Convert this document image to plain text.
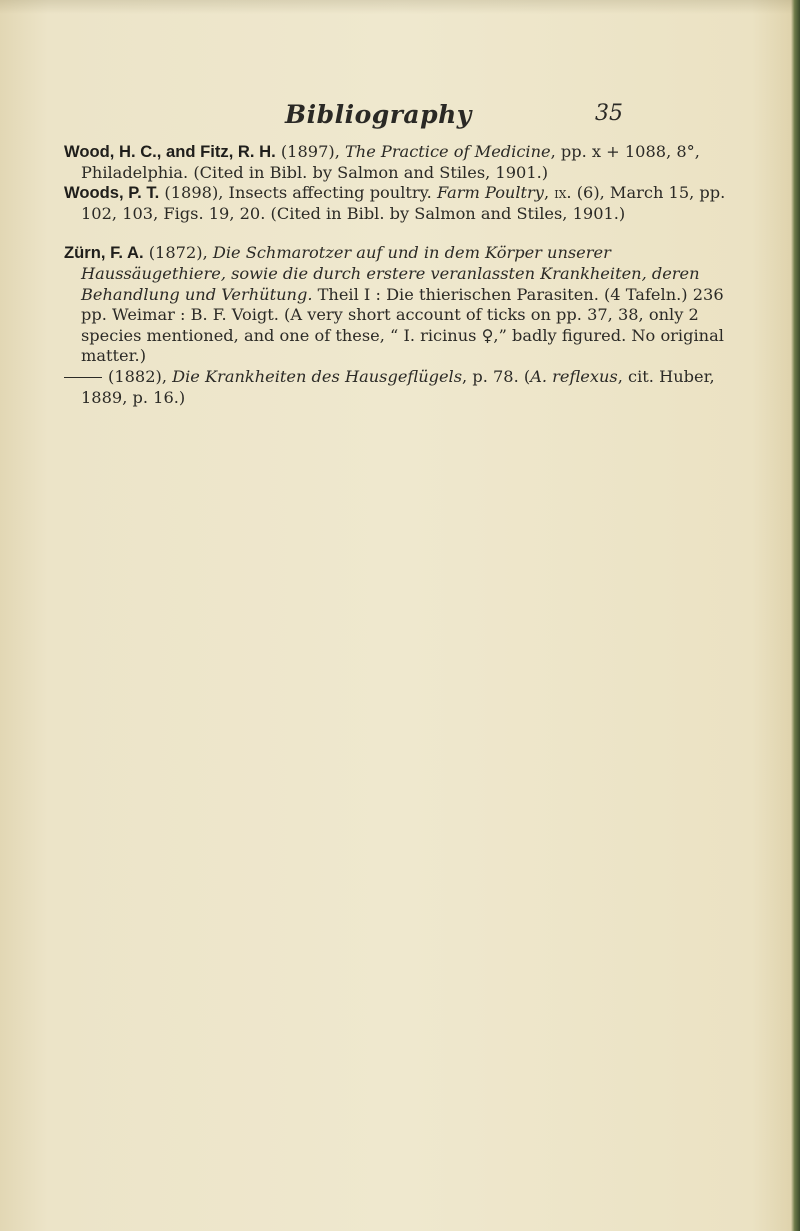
Bibliography	35

Wood, H. C., and Fitz, R. H. (1897), The Practice of Medicine, pp. x + 1088, 8°, Philadelphia. (Cited in Bibl. by Salmon and Stiles, 1901.)

Woods, P. T. (1898), Insects affecting poultry. Farm Poultry, ix. (6), March 15, pp. 102, 103, Figs. 19, 20. (Cited in Bibl. by Salmon and Stiles, 1901.)

Zürn, F. A. (1872), Die Schmarotzer auf und in dem Körper unserer Haussäugethiere, sowie die durch erstere veranlassten Krankheiten, deren Behandlung und Verhütung. Theil I : Die thierischen Parasiten. (4 Tafeln.) 236 pp. Weimar : B. F. Voigt. (A very short account of ticks on pp. 37, 38, only 2 species mentioned, and one of these, “ I. ricinus ♀,” badly figured. No original matter.)

(1882), Die Krankheiten des Hausgeflügels, p. 78. (A. reflexus, cit. Huber, 1889, p. 16.)
